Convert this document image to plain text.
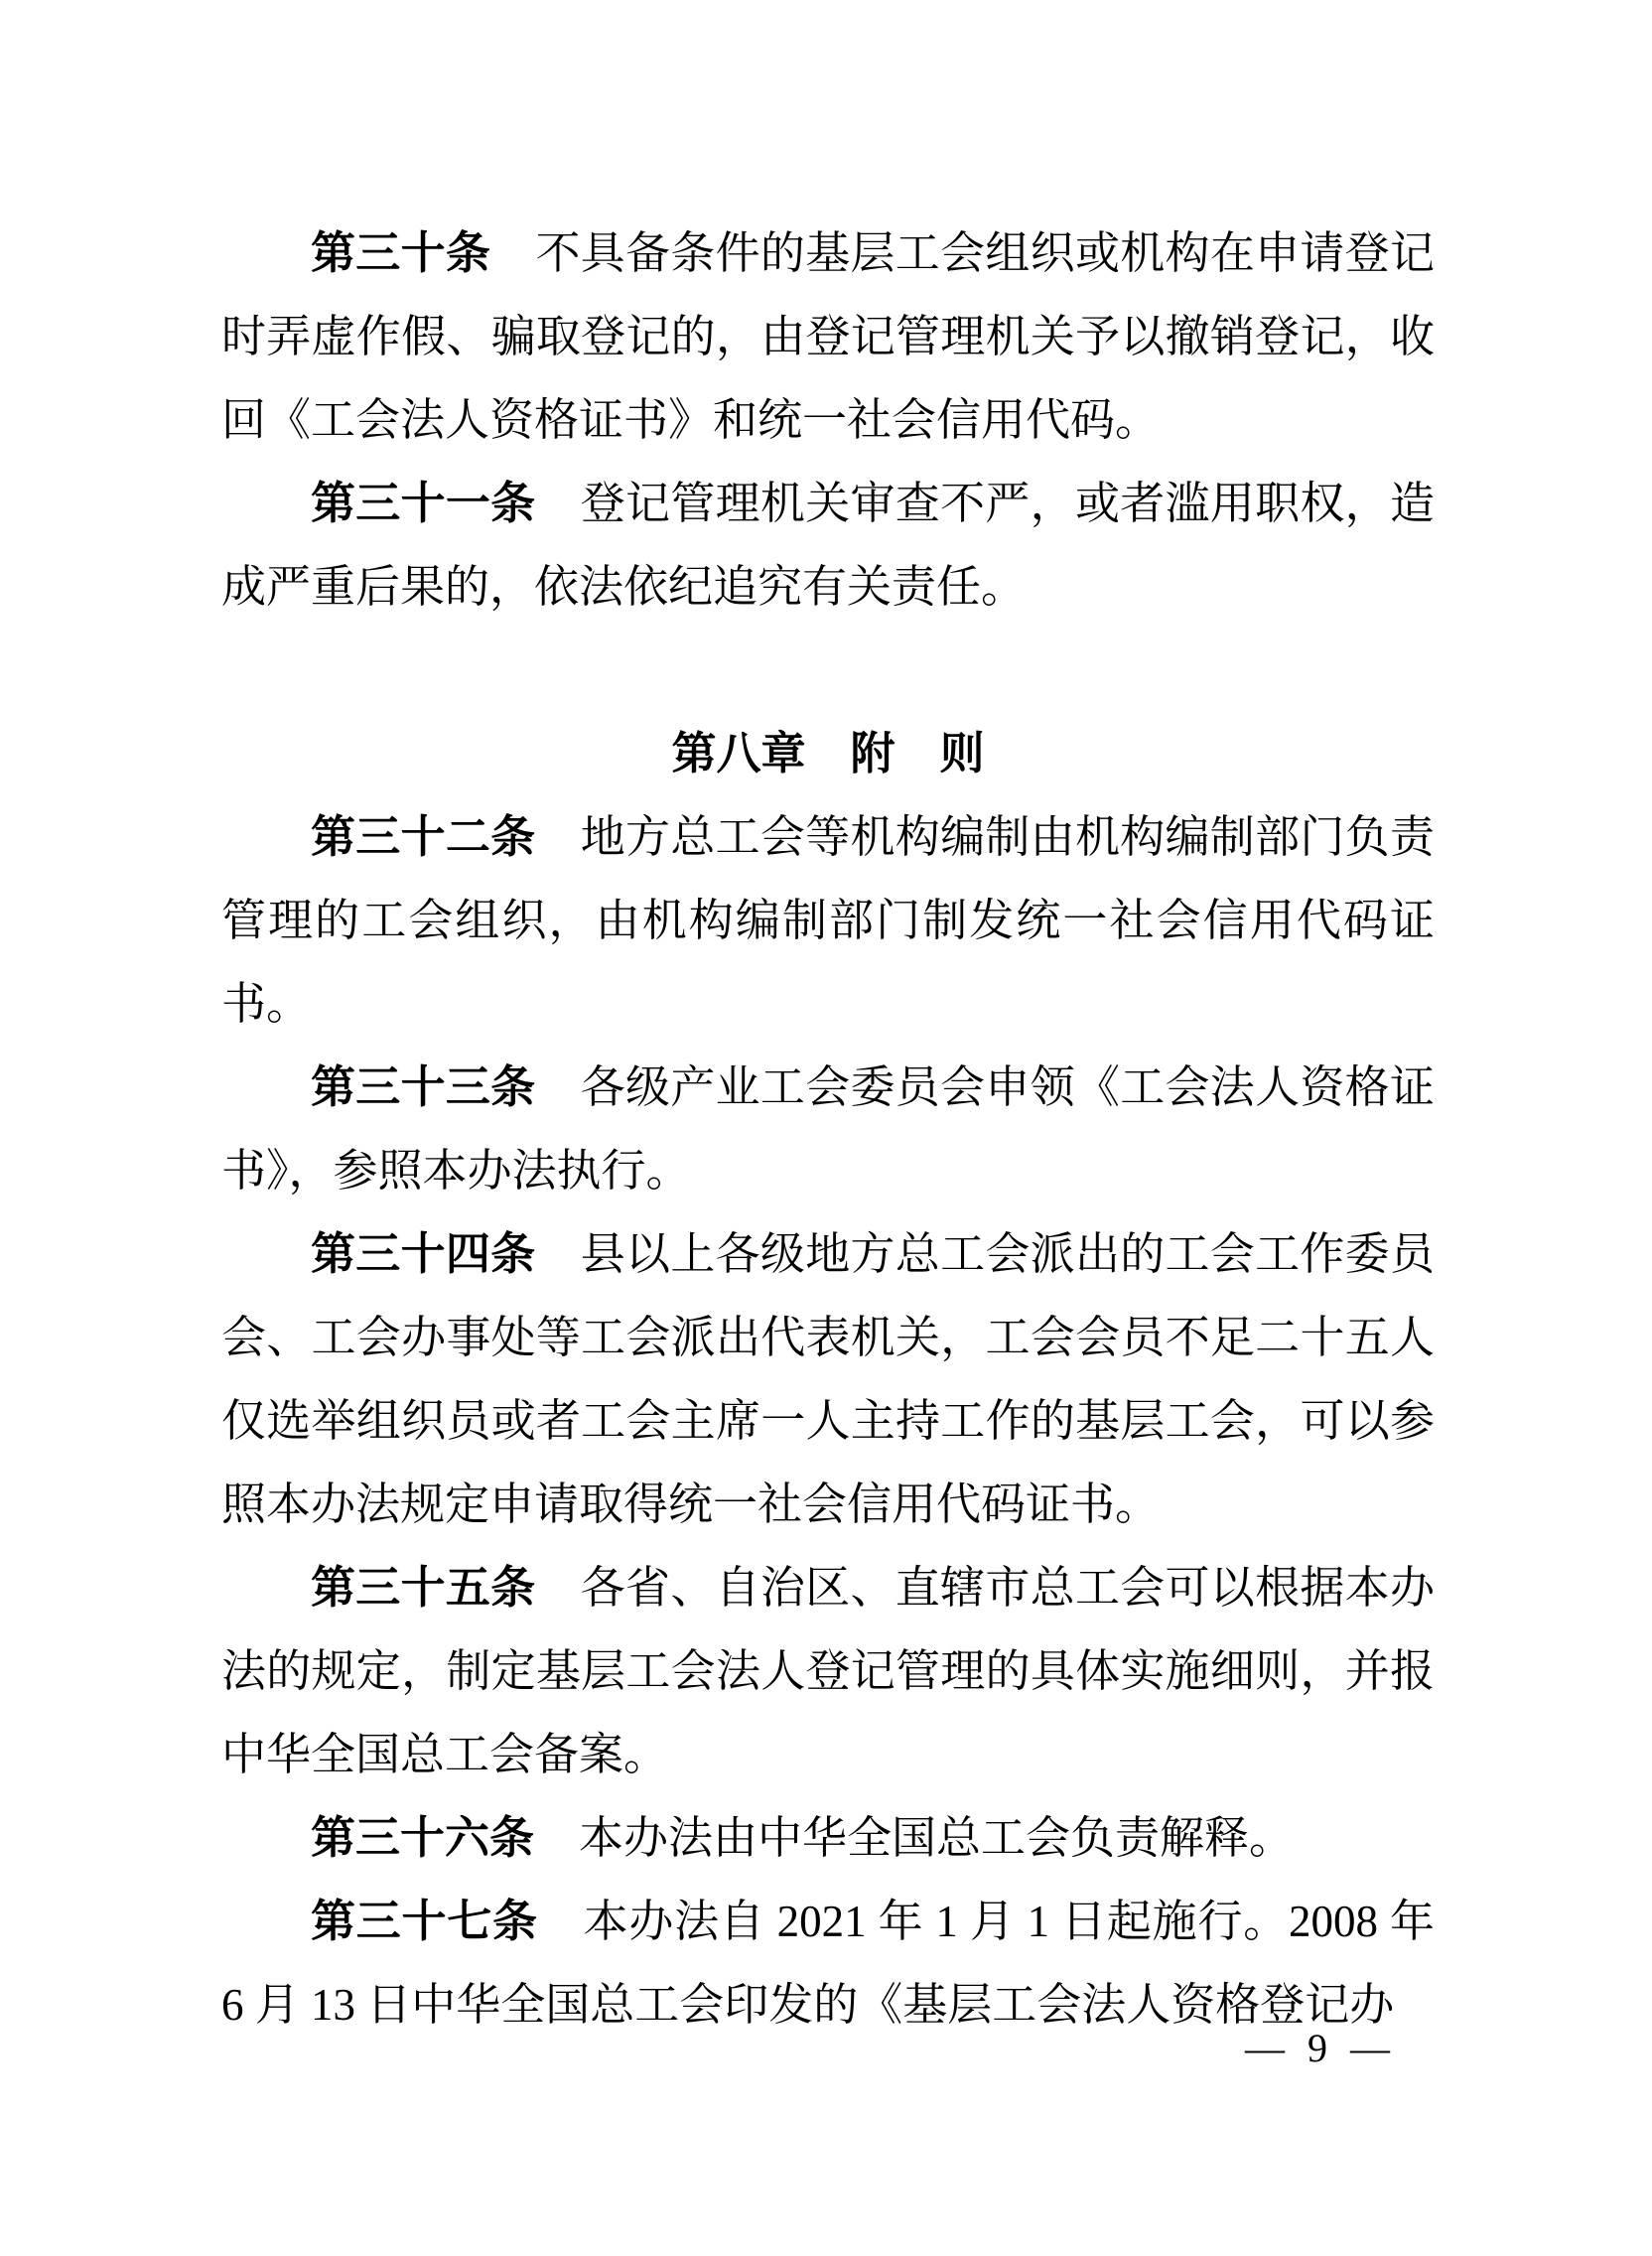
第三十条　 不具备条件的基层工会组织或机构在申请登记时弄虚作假、骗取登记的，由登记管理机关予以撤销登记，收回《工会法人资格证书》和统一社会信用代码。

第三十一条　 登记管理机关审查不严，或者滥用职权，造成严重后果的，依法依纪追究有关责任。

第八章　附　则

第三十二条　 地方总工会等机构编制由机构编制部门负责管理的工会组织，由机构编制部门制发统一社会信用代码证书。

第三十三条　 各级产业工会委员会申领《工会法人资格证书》，参照本办法执行。

第三十四条　 县以上各级地方总工会派出的工会工作委员会、工会办事处等工会派出代表机关，工会会员不足二十五人仅选举组织员或者工会主席一人主持工作的基层工会，可以参照本办法规定申请取得统一社会信用代码证书。

第三十五条　 各省、自治区、直辖市总工会可以根据本办法的规定，制定基层工会法人登记管理的具体实施细则，并报中华全国总工会备案。

第三十六条　 本办法由中华全国总工会负责解释。

第三十七条　 本办法自 2021 年 1 月 1 日起施行。2008 年 6 月 13 日中华全国总工会印发的《基层工会法人资格登记办

— 9 —
